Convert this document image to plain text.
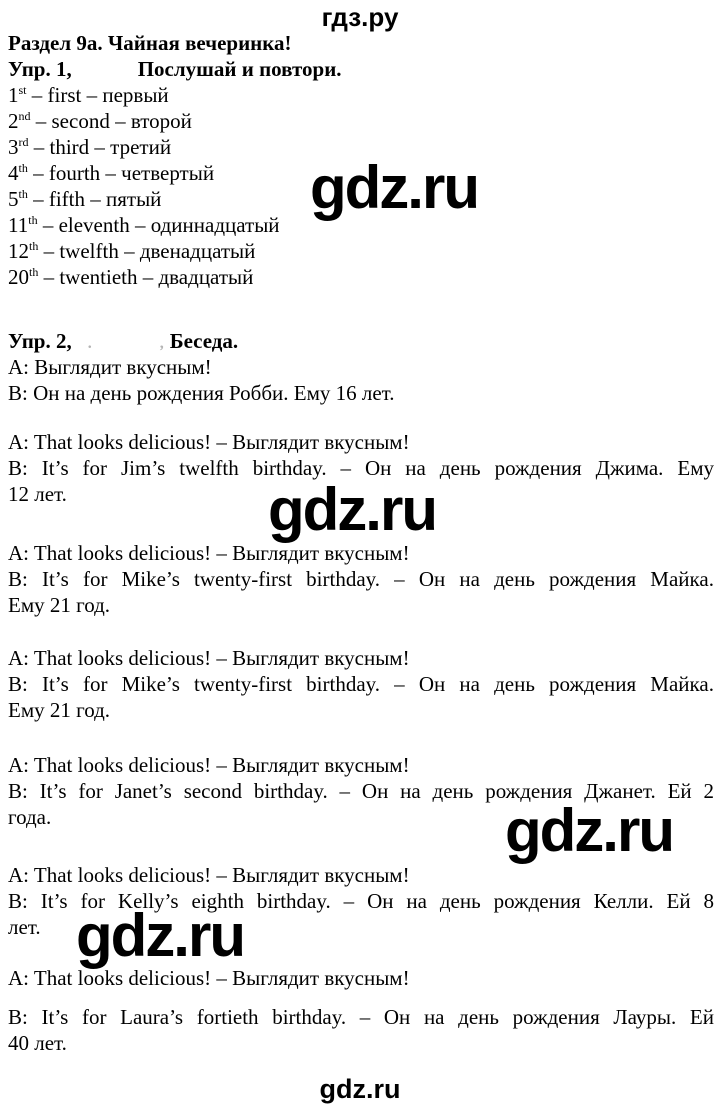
гдз.ру
Раздел 9а. Чайная вечеринка!
Упр. 1,	Послушай и повтори.
1st – first – первый
2nd – second – второй
3rd – third – третий
4th – fourth – четвертый
5th – fifth – пятый
11th – eleventh – одиннадцатый
12th – twelfth – двенадцатый
20th – twentieth – двадцатый
gdz.ru
Упр. 2, .	, Беседа.
А: Выглядит вкусным!
В: Он на день рождения Робби. Ему 16 лет.
A: That looks delicious! – Выглядит вкусным!
B: It’s for Jim’s twelfth birthday. – Он на день рождения Джима. Ему
12 лет.	gdz.ru
A: That looks delicious! – Выглядит вкусным!
B: It’s for Mike’s twenty-first birthday. – Он на день рождения Майка.
Ему 21 год.
A: That looks delicious! – Выглядит вкусным!
B: It’s for Mike’s twenty-first birthday. – Он на день рождения Майка.
Ему 21 год.
A: That looks delicious! – Выглядит вкусным!
B: It’s for Janet’s second birthday. – Он на день рождения Джанет. Ей 2
года.	gdz.ru
A: That looks delicious! – Выглядит вкусным!
B: It’s for Kelly’s eighth birthday. – Он на день рождения Келли. Ей 8
лет. gdz.ru
A: That looks delicious! – Выглядит вкусным!
B: It’s for Laura’s fortieth birthday. – Он на день рождения Лауры. Ей
40 лет.
gdz.ru
